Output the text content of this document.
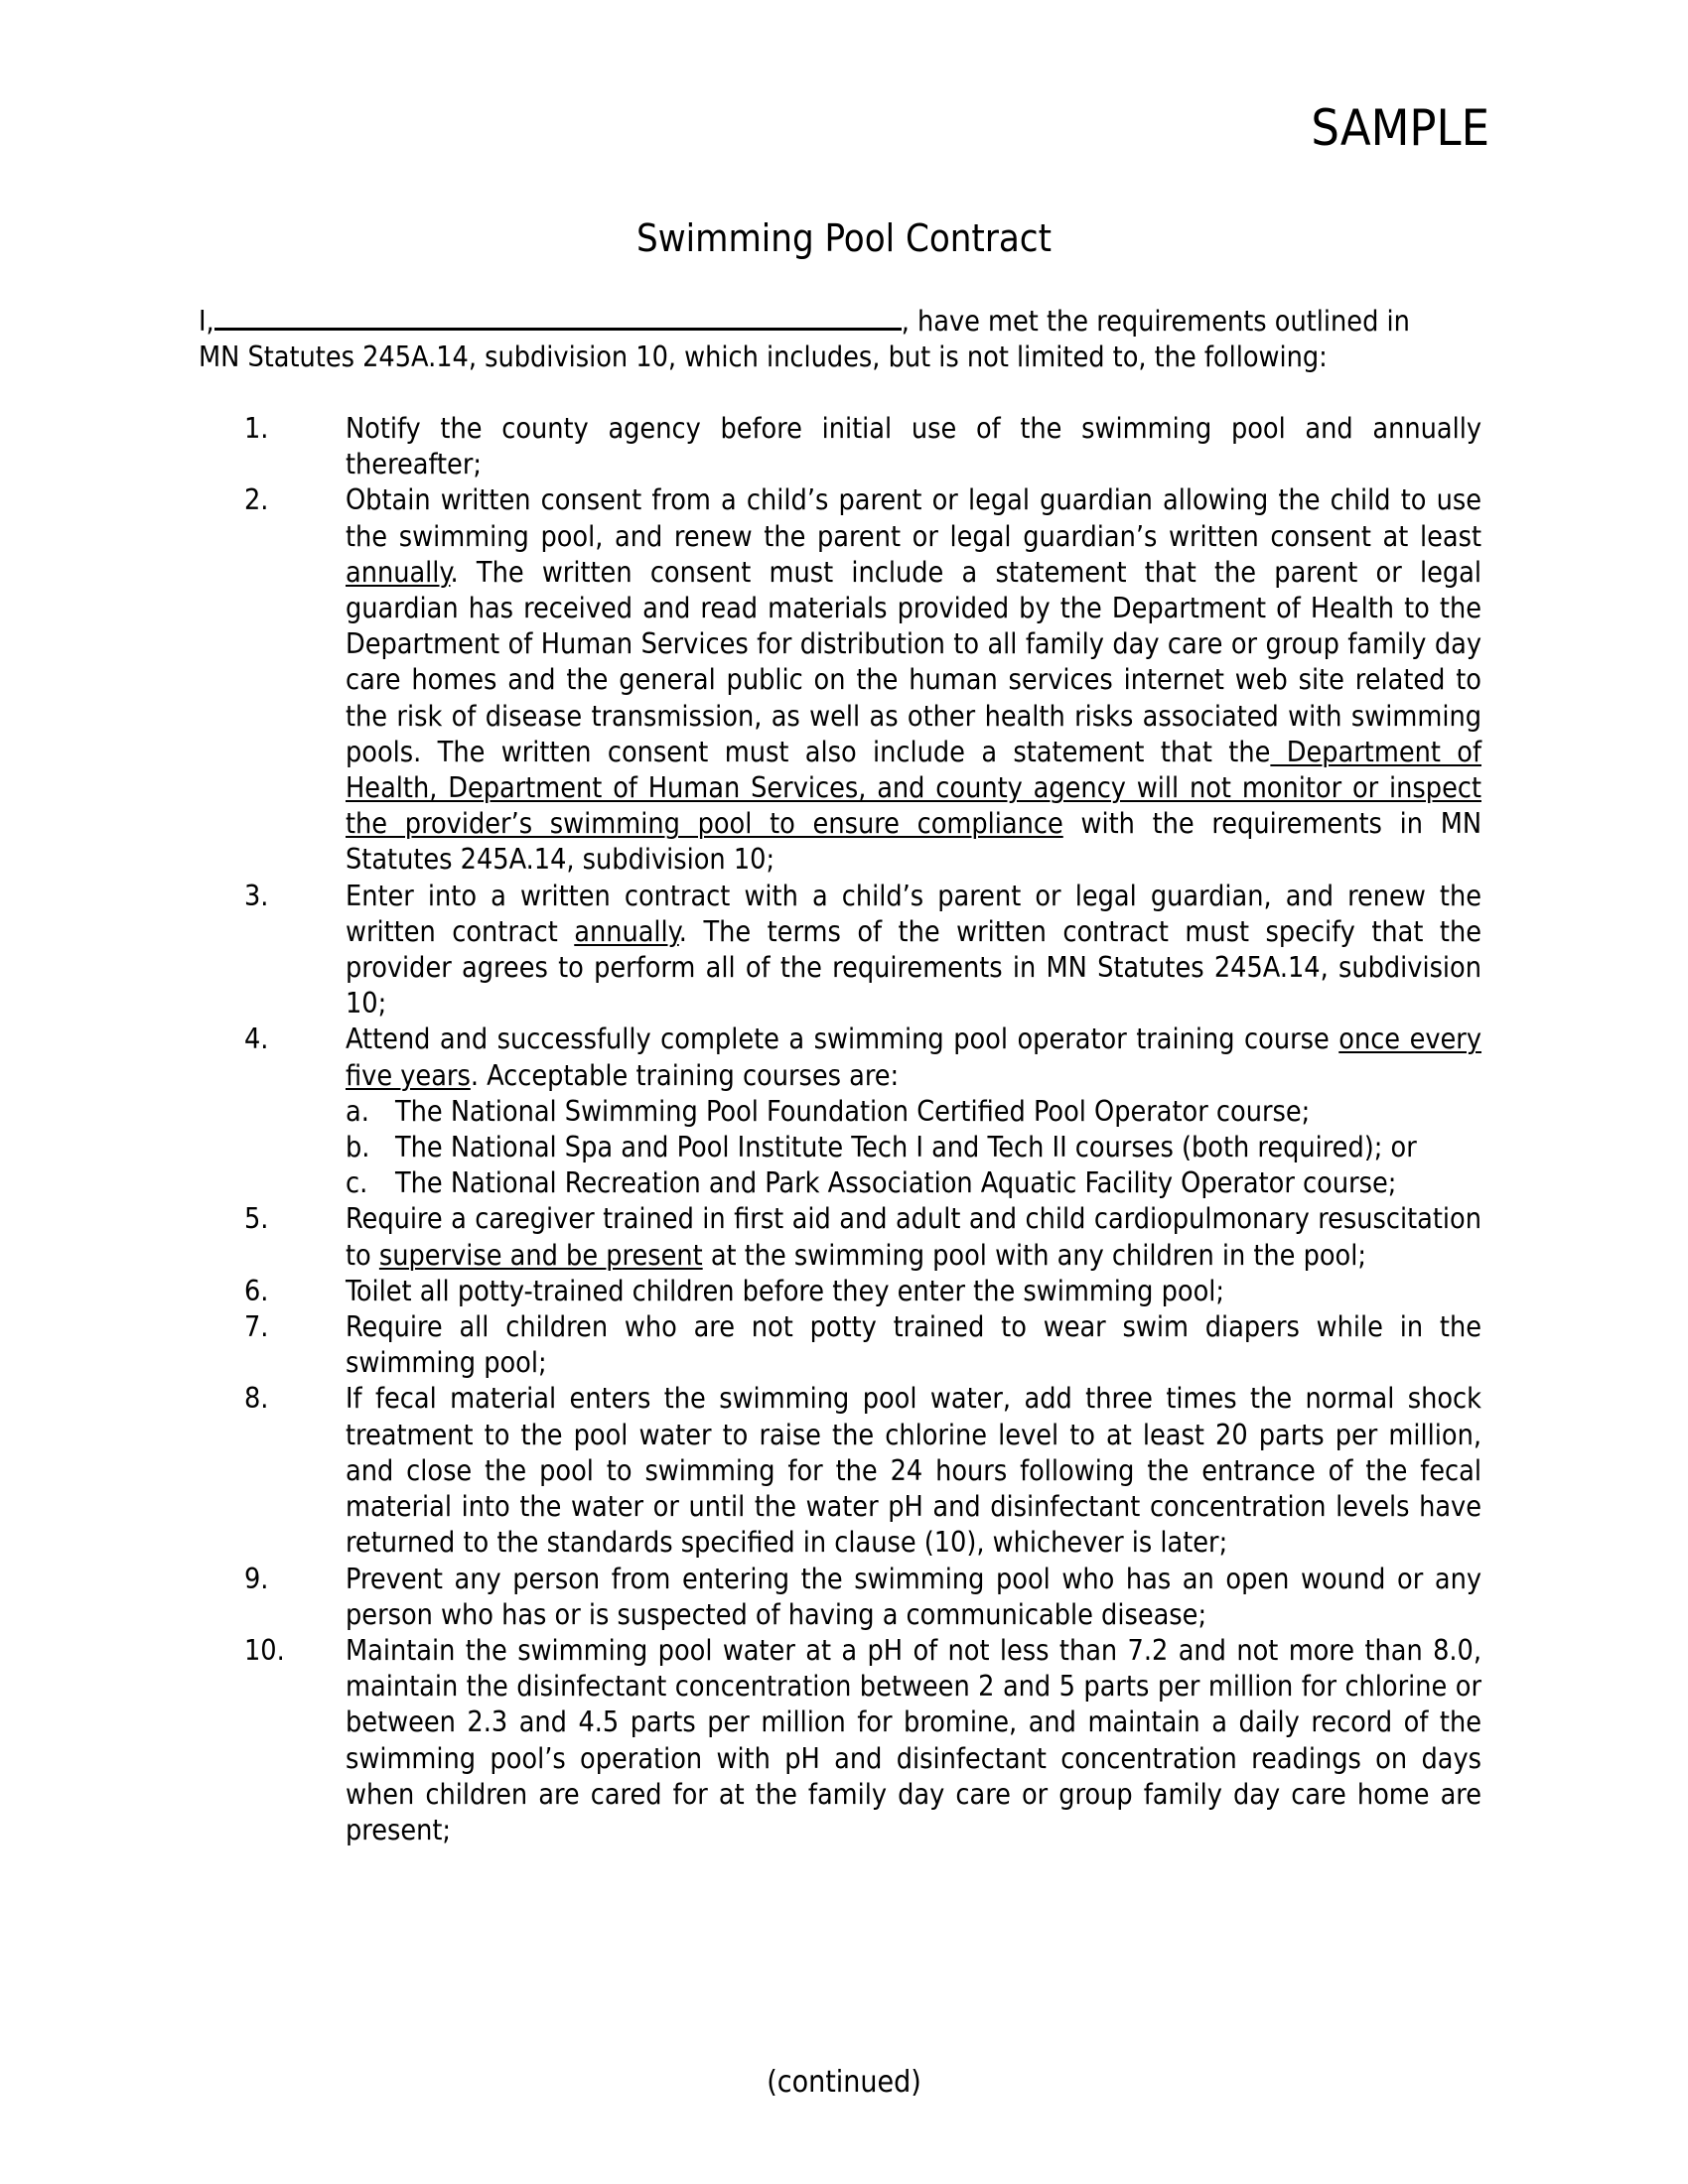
SAMPLE
Swimming Pool Contract
I,	, have met the requirements outlined in
MN Statutes 245A.14, subdivision 10, which includes, but is not limited to, the following:
1.	Notify the county agency before initial use of the swimming pool and annually thereafter;
2.	Obtain written consent from a child’s parent or legal guardian allowing the child to use the swimming pool, and renew the parent or legal guardian’s written consent at least annually. The written consent must include a statement that the parent or legal guardian has received and read materials provided by the Department of Health to the Department of Human Services for distribution to all family day care or group family day care homes and the general public on the human services internet web site related to the risk of disease transmission, as well as other health risks associated with swimming pools. The written consent must also include a statement that the Department of Health, Department of Human Services, and county agency will not monitor or inspect the provider’s swimming pool to ensure compliance with the requirements in MN Statutes 245A.14, subdivision 10;
3.	Enter into a written contract with a child’s parent or legal guardian, and renew the written contract annually. The terms of the written contract must specify that the provider agrees to perform all of the requirements in MN Statutes 245A.14, subdivision 10;
4.	Attend and successfully complete a swimming pool operator training course once every five years. Acceptable training courses are:
a. The National Swimming Pool Foundation Certified Pool Operator course;
b. The National Spa and Pool Institute Tech I and Tech II courses (both required); or
c. The National Recreation and Park Association Aquatic Facility Operator course;
5.	Require a caregiver trained in first aid and adult and child cardiopulmonary resuscitation to supervise and be present at the swimming pool with any children in the pool;
6.	Toilet all potty-trained children before they enter the swimming pool;
7.	Require all children who are not potty trained to wear swim diapers while in the swimming pool;
8.	If fecal material enters the swimming pool water, add three times the normal shock treatment to the pool water to raise the chlorine level to at least 20 parts per million, and close the pool to swimming for the 24 hours following the entrance of the fecal material into the water or until the water pH and disinfectant concentration levels have returned to the standards specified in clause (10), whichever is later;
9.	Prevent any person from entering the swimming pool who has an open wound or any person who has or is suspected of having a communicable disease;
10.	Maintain the swimming pool water at a pH of not less than 7.2 and not more than 8.0, maintain the disinfectant concentration between 2 and 5 parts per million for chlorine or between 2.3 and 4.5 parts per million for bromine, and maintain a daily record of the swimming pool’s operation with pH and disinfectant concentration readings on days when children are cared for at the family day care or group family day care home are present;
(continued)
